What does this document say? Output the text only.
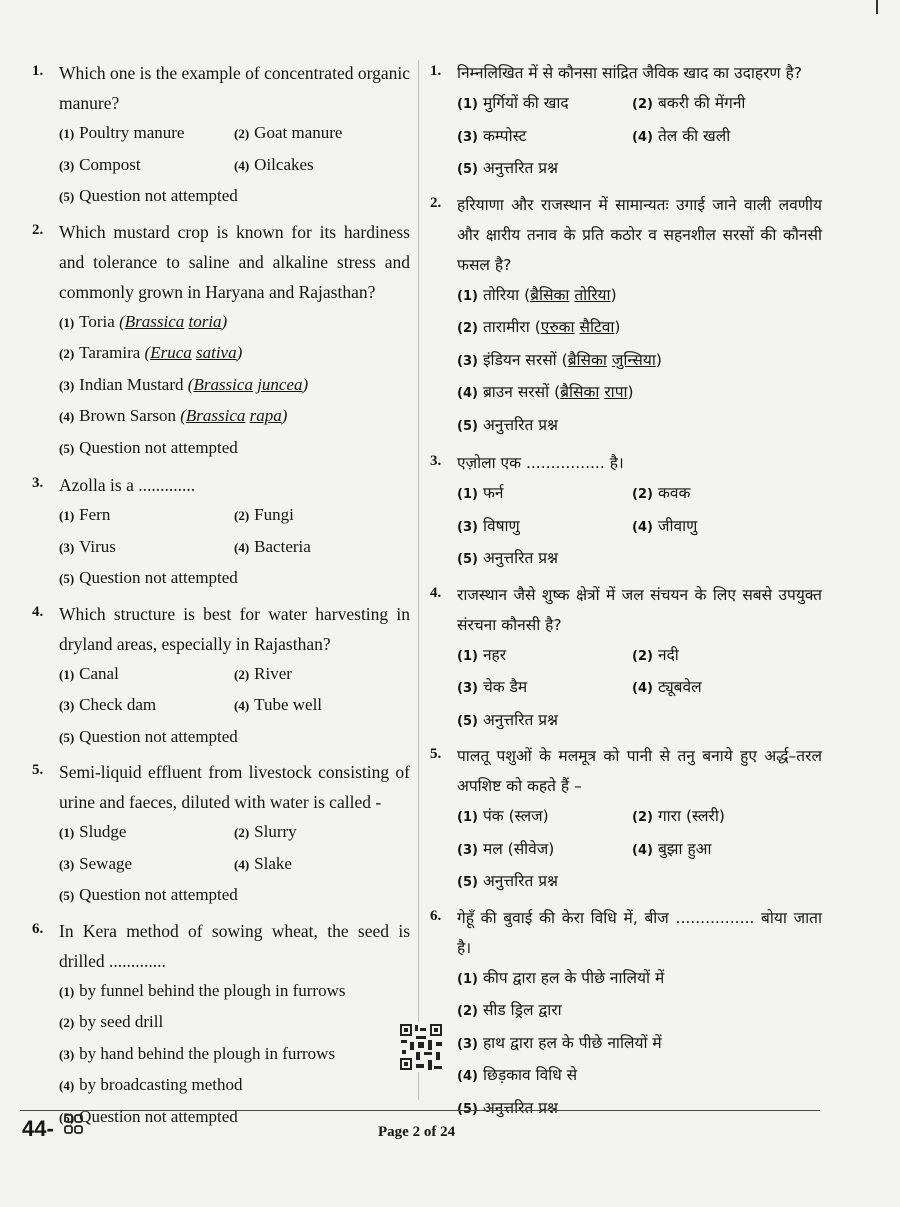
1. Which one is the example of concentrated organic manure?
(1) Poultry manure	(2) Goat manure
(3) Compost	(4) Oilcakes
(5) Question not attempted
2. Which mustard crop is known for its hardiness and tolerance to saline and alkaline stress and commonly grown in Haryana and Rajasthan?
(1) Toria (Brassica toria)
(2) Taramira (Eruca sativa)
(3) Indian Mustard (Brassica juncea)
(4) Brown Sarson (Brassica rapa)
(5) Question not attempted
3. Azolla is a .............
(1) Fern	(2) Fungi
(3) Virus	(4) Bacteria
(5) Question not attempted
4. Which structure is best for water harvesting in dryland areas, especially in Rajasthan?
(1) Canal	(2) River
(3) Check dam	(4) Tube well
(5) Question not attempted
5. Semi-liquid effluent from livestock consisting of urine and faeces, diluted with water is called -
(1) Sludge	(2) Slurry
(3) Sewage	(4) Slake
(5) Question not attempted
6. In Kera method of sowing wheat, the seed is drilled .............
(1) by funnel behind the plough in furrows
(2) by seed drill
(3) by hand behind the plough in furrows
(4) by broadcasting method
(5) Question not attempted
1. निम्नलिखित में से कौनसा सांद्रित जैविक खाद का उदाहरण है?
(1) मुर्गियों की खाद	(2) बकरी की मेंगनी
(3) कम्पोस्ट	(4) तेल की खली
(5) अनुत्तरित प्रश्न
2. हरियाणा और राजस्थान में सामान्यतः उगाई जाने वाली लवणीय और क्षारीय तनाव के प्रति कठोर व सहनशील सरसों की कौनसी फसल है?
(1) तोरिया (ब्रैसिका तोरिया)
(2) तारामीरा (एरुका सैटिवा)
(3) इंडियन सरसों (ब्रैसिका जुन्सिया)
(4) ब्राउन सरसों (ब्रैसिका रापा)
(5) अनुत्तरित प्रश्न
3. एज़ोला एक ................ है।
(1) फर्न	(2) कवक
(3) विषाणु	(4) जीवाणु
(5) अनुत्तरित प्रश्न
4. राजस्थान जैसे शुष्क क्षेत्रों में जल संचयन के लिए सबसे उपयुक्त संरचना कौनसी है?
(1) नहर	(2) नदी
(3) चेक डैम	(4) ट्यूबवेल
(5) अनुत्तरित प्रश्न
5. पालतू पशुओं के मलमूत्र को पानी से तनु बनाये हुए अर्द्ध–तरल अपशिष्ट को कहते हैं –
(1) पंक (स्लज)	(2) गारा (स्लरी)
(3) मल (सीवेज)	(4) बुझा हुआ
(5) अनुत्तरित प्रश्न
6. गेहूँ की बुवाई की केरा विधि में, बीज ................ बोया जाता है।
(1) कीप द्वारा हल के पीछे नालियों में
(2) सीड ड्रिल द्वारा
(3) हाथ द्वारा हल के पीछे नालियों में
(4) छिड़काव विधि से
(5) अनुत्तरित प्रश्न
44-	Page 2 of 24
